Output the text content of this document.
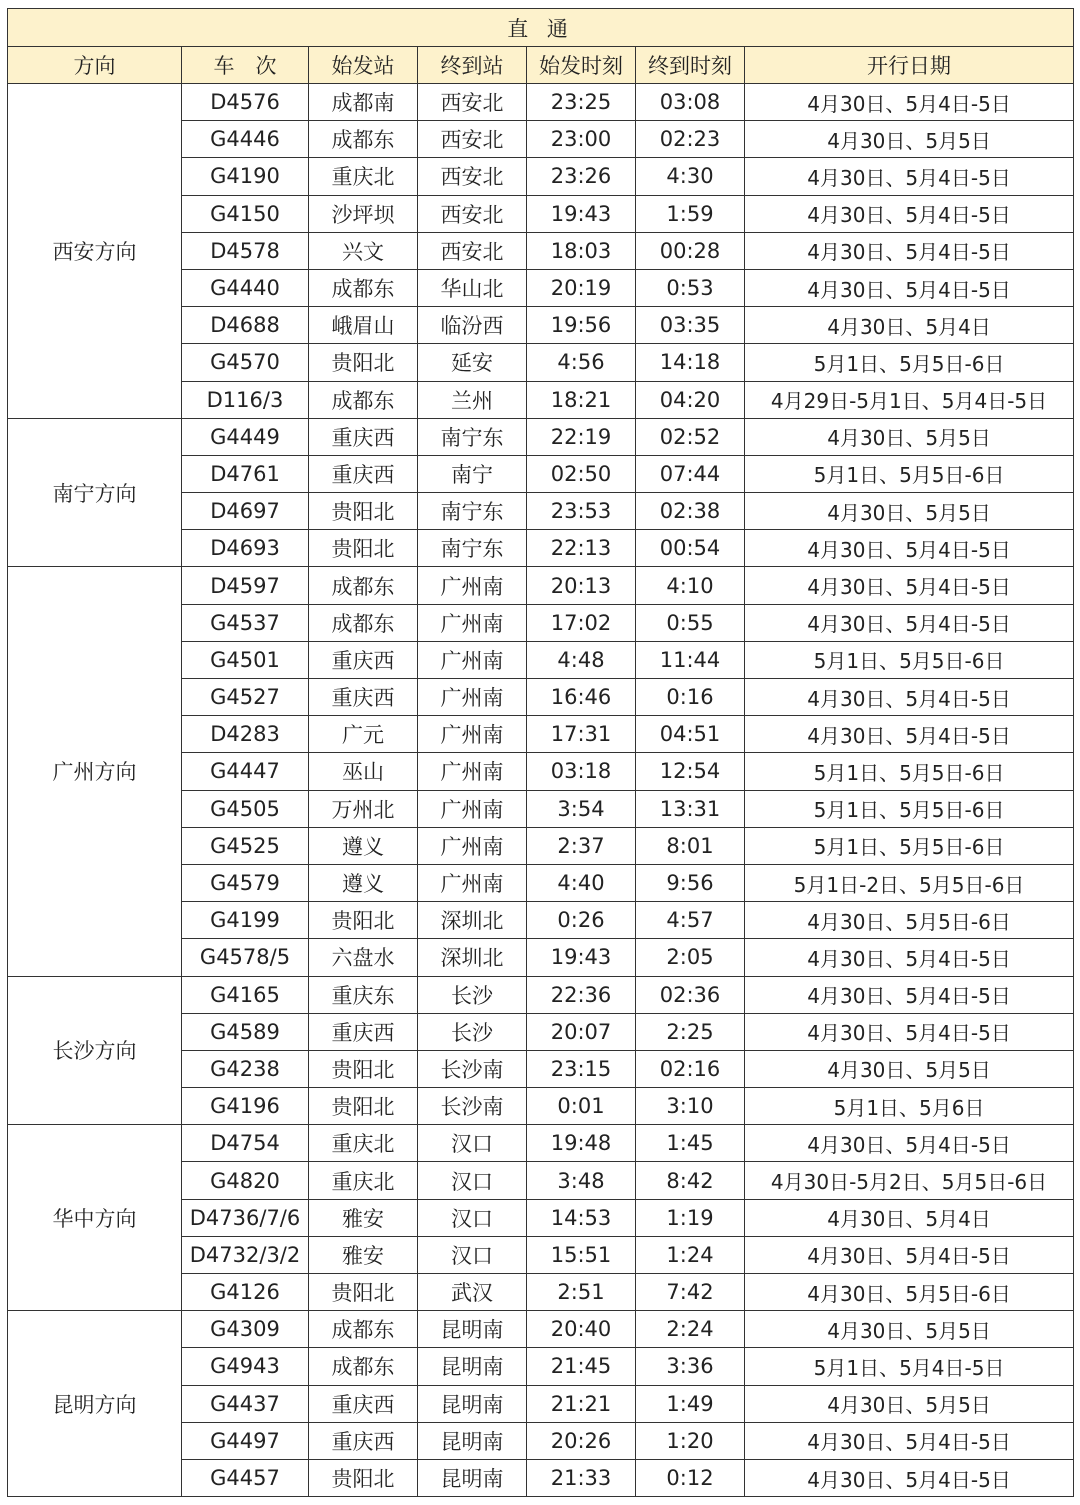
直 通						
方向	车　次	始发站	终到站	始发时刻	终到时刻	开行日期
西安方向	D4576	成都南	西安北	23:25	03:08	4月30日、5月4日-5日
	G4446	成都东	西安北	23:00	02:23	4月30日、5月5日
	G4190	重庆北	西安北	23:26	4:30	4月30日、5月4日-5日
	G4150	沙坪坝	西安北	19:43	1:59	4月30日、5月4日-5日
	D4578	兴文	西安北	18:03	00:28	4月30日、5月4日-5日
	G4440	成都东	华山北	20:19	0:53	4月30日、5月4日-5日
	D4688	峨眉山	临汾西	19:56	03:35	4月30日、5月4日
	G4570	贵阳北	延安	4:56	14:18	5月1日、5月5日-6日
	D116/3	成都东	兰州	18:21	04:20	4月29日-5月1日、5月4日-5日
南宁方向	G4449	重庆西	南宁东	22:19	02:52	4月30日、5月5日
	D4761	重庆西	南宁	02:50	07:44	5月1日、5月5日-6日
	D4697	贵阳北	南宁东	23:53	02:38	4月30日、5月5日
	D4693	贵阳北	南宁东	22:13	00:54	4月30日、5月4日-5日
广州方向	D4597	成都东	广州南	20:13	4:10	4月30日、5月4日-5日
	G4537	成都东	广州南	17:02	0:55	4月30日、5月4日-5日
	G4501	重庆西	广州南	4:48	11:44	5月1日、5月5日-6日
	G4527	重庆西	广州南	16:46	0:16	4月30日、5月4日-5日
	D4283	广元	广州南	17:31	04:51	4月30日、5月4日-5日
	G4447	巫山	广州南	03:18	12:54	5月1日、5月5日-6日
	G4505	万州北	广州南	3:54	13:31	5月1日、5月5日-6日
	G4525	遵义	广州南	2:37	8:01	5月1日、5月5日-6日
	G4579	遵义	广州南	4:40	9:56	5月1日-2日、5月5日-6日
	G4199	贵阳北	深圳北	0:26	4:57	4月30日、5月5日-6日
	G4578/5	六盘水	深圳北	19:43	2:05	4月30日、5月4日-5日
长沙方向	G4165	重庆东	长沙	22:36	02:36	4月30日、5月4日-5日
	G4589	重庆西	长沙	20:07	2:25	4月30日、5月4日-5日
	G4238	贵阳北	长沙南	23:15	02:16	4月30日、5月5日
	G4196	贵阳北	长沙南	0:01	3:10	5月1日、5月6日
华中方向	D4754	重庆北	汉口	19:48	1:45	4月30日、5月4日-5日
	G4820	重庆北	汉口	3:48	8:42	4月30日-5月2日、5月5日-6日
	D4736/7/6	雅安	汉口	14:53	1:19	4月30日、5月4日
	D4732/3/2	雅安	汉口	15:51	1:24	4月30日、5月4日-5日
	G4126	贵阳北	武汉	2:51	7:42	4月30日、5月5日-6日
昆明方向	G4309	成都东	昆明南	20:40	2:24	4月30日、5月5日
	G4943	成都东	昆明南	21:45	3:36	5月1日、5月4日-5日
	G4437	重庆西	昆明南	21:21	1:49	4月30日、5月5日
	G4497	重庆西	昆明南	20:26	1:20	4月30日、5月4日-5日
	G4457	贵阳北	昆明南	21:33	0:12	4月30日、5月4日-5日
